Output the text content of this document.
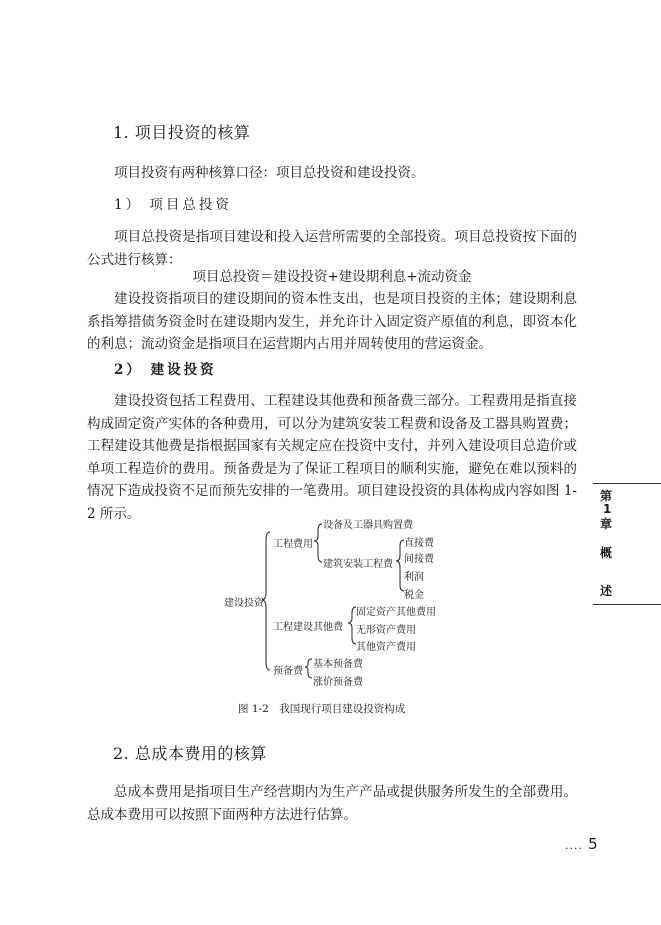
1. 项目投资的核算
项目投资有两种核算口径：项目总投资和建设投资。
1） 项目总投资
项目总投资是指项目建设和投入运营所需要的全部投资。项目总投资按下面的公式进行核算：
项目总投资＝建设投资+建设期利息+流动资金
建设投资指项目的建设期间的资本性支出，也是项目投资的主体；建设期利息系指筹措债务资金时在建设期内发生，并允许计入固定资产原值的利息，即资本化的利息；流动资金是指项目在运营期内占用并周转使用的营运资金。
2） 建设投资
建设投资包括工程费用、工程建设其他费和预备费三部分。工程费用是指直接构成固定资产实体的各种费用，可以分为建筑安装工程费和设备及工器具购置费；工程建设其他费是指根据国家有关规定应在投资中支付，并列入建设项目总造价或单项工程造价的费用。预备费是为了保证工程项目的顺利实施，避免在难以预料的情况下造成投资不足而预先安排的一笔费用。项目建设投资的具体构成内容如图 1-2 所示。
建设投资
工程费用
设备及工器具购置费
建筑安装工程费
直接费
间接费
利润
税金
工程建设其他费
固定资产其他费用
无形资产费用
其他资产费用
预备费
基本预备费
涨价预备费
图 1-2　我国现行项目建设投资构成
2. 总成本费用的核算
总成本费用是指项目生产经营期内为生产产品或提供服务所发生的全部费用。总成本费用可以按照下面两种方法进行估算。
第
1
章
概
述
.... 5
